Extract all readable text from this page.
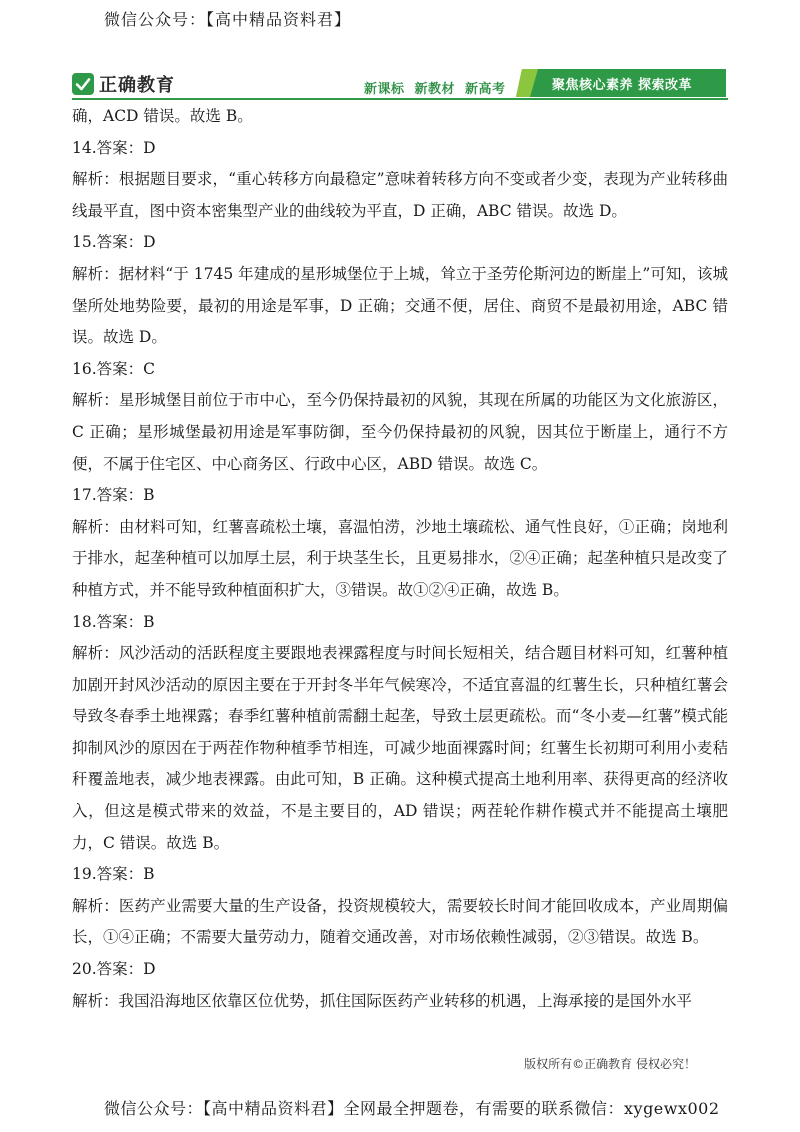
微信公众号：【高中精品资料君】
正确教育	新课标 新教材 新高考	聚焦核心素养 探索改革

确，ACD 错误。故选 B。

14.答案：D

解析：根据题目要求，“重心转移方向最稳定”意味着转移方向不变或者少变，表现为产业转移曲线最平直，图中资本密集型产业的曲线较为平直，D 正确，ABC 错误。故选 D。

15.答案：D

解析：据材料“于 1745 年建成的星形城堡位于上城，耸立于圣劳伦斯河边的断崖上”可知，该城堡所处地势险要，最初的用途是军事，D 正确；交通不便，居住、商贸不是最初用途，ABC 错误。故选 D。

16.答案：C

解析：星形城堡目前位于市中心，至今仍保持最初的风貌，其现在所属的功能区为文化旅游区，C 正确；星形城堡最初用途是军事防御，至今仍保持最初的风貌，因其位于断崖上，通行不方便，不属于住宅区、中心商务区、行政中心区，ABD 错误。故选 C。

17.答案：B

解析：由材料可知，红薯喜疏松土壤，喜温怕涝，沙地土壤疏松、通气性良好，①正确；岗地利于排水，起垄种植可以加厚土层，利于块茎生长，且更易排水，②④正确；起垄种植只是改变了种植方式，并不能导致种植面积扩大，③错误。故①②④正确，故选 B。

18.答案：B

解析：风沙活动的活跃程度主要跟地表裸露程度与时间长短相关，结合题目材料可知，红薯种植加剧开封风沙活动的原因主要在于开封冬半年气候寒冷，不适宜喜温的红薯生长，只种植红薯会导致冬春季土地裸露；春季红薯种植前需翻土起垄，导致土层更疏松。而“冬小麦—红薯”模式能抑制风沙的原因在于两茬作物种植季节相连，可减少地面裸露时间；红薯生长初期可利用小麦秸秆覆盖地表，减少地表裸露。由此可知，B 正确。这种模式提高土地利用率、获得更高的经济收入，但这是模式带来的效益，不是主要目的，AD 错误；两茬轮作耕作模式并不能提高土壤肥力，C 错误。故选 B。

19.答案：B

解析：医药产业需要大量的生产设备，投资规模较大，需要较长时间才能回收成本，产业周期偏长，①④正确；不需要大量劳动力，随着交通改善，对市场依赖性减弱，②③错误。故选 B。

20.答案：D

解析：我国沿海地区依靠区位优势，抓住国际医药产业转移的机遇，上海承接的是国外水平

版权所有©正确教育 侵权必究！
微信公众号：【高中精品资料君】全网最全押题卷，有需要的联系微信：xygewx002
